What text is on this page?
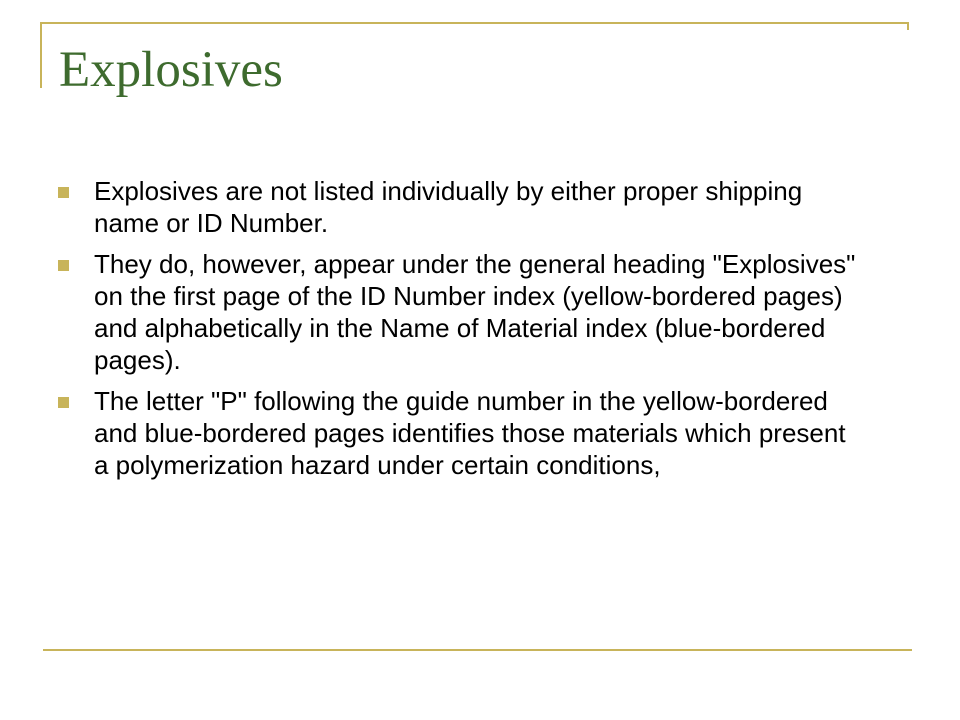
Explosives
Explosives are not listed individually by either proper shipping name or ID Number.
They do, however, appear under the general heading "Explosives" on the first page of the ID Number index (yellow-bordered pages) and alphabetically in the Name of Material index (blue-bordered pages).
The letter "P" following the guide number in the yellow-bordered and blue-bordered pages identifies those materials which present a polymerization hazard under certain conditions,
